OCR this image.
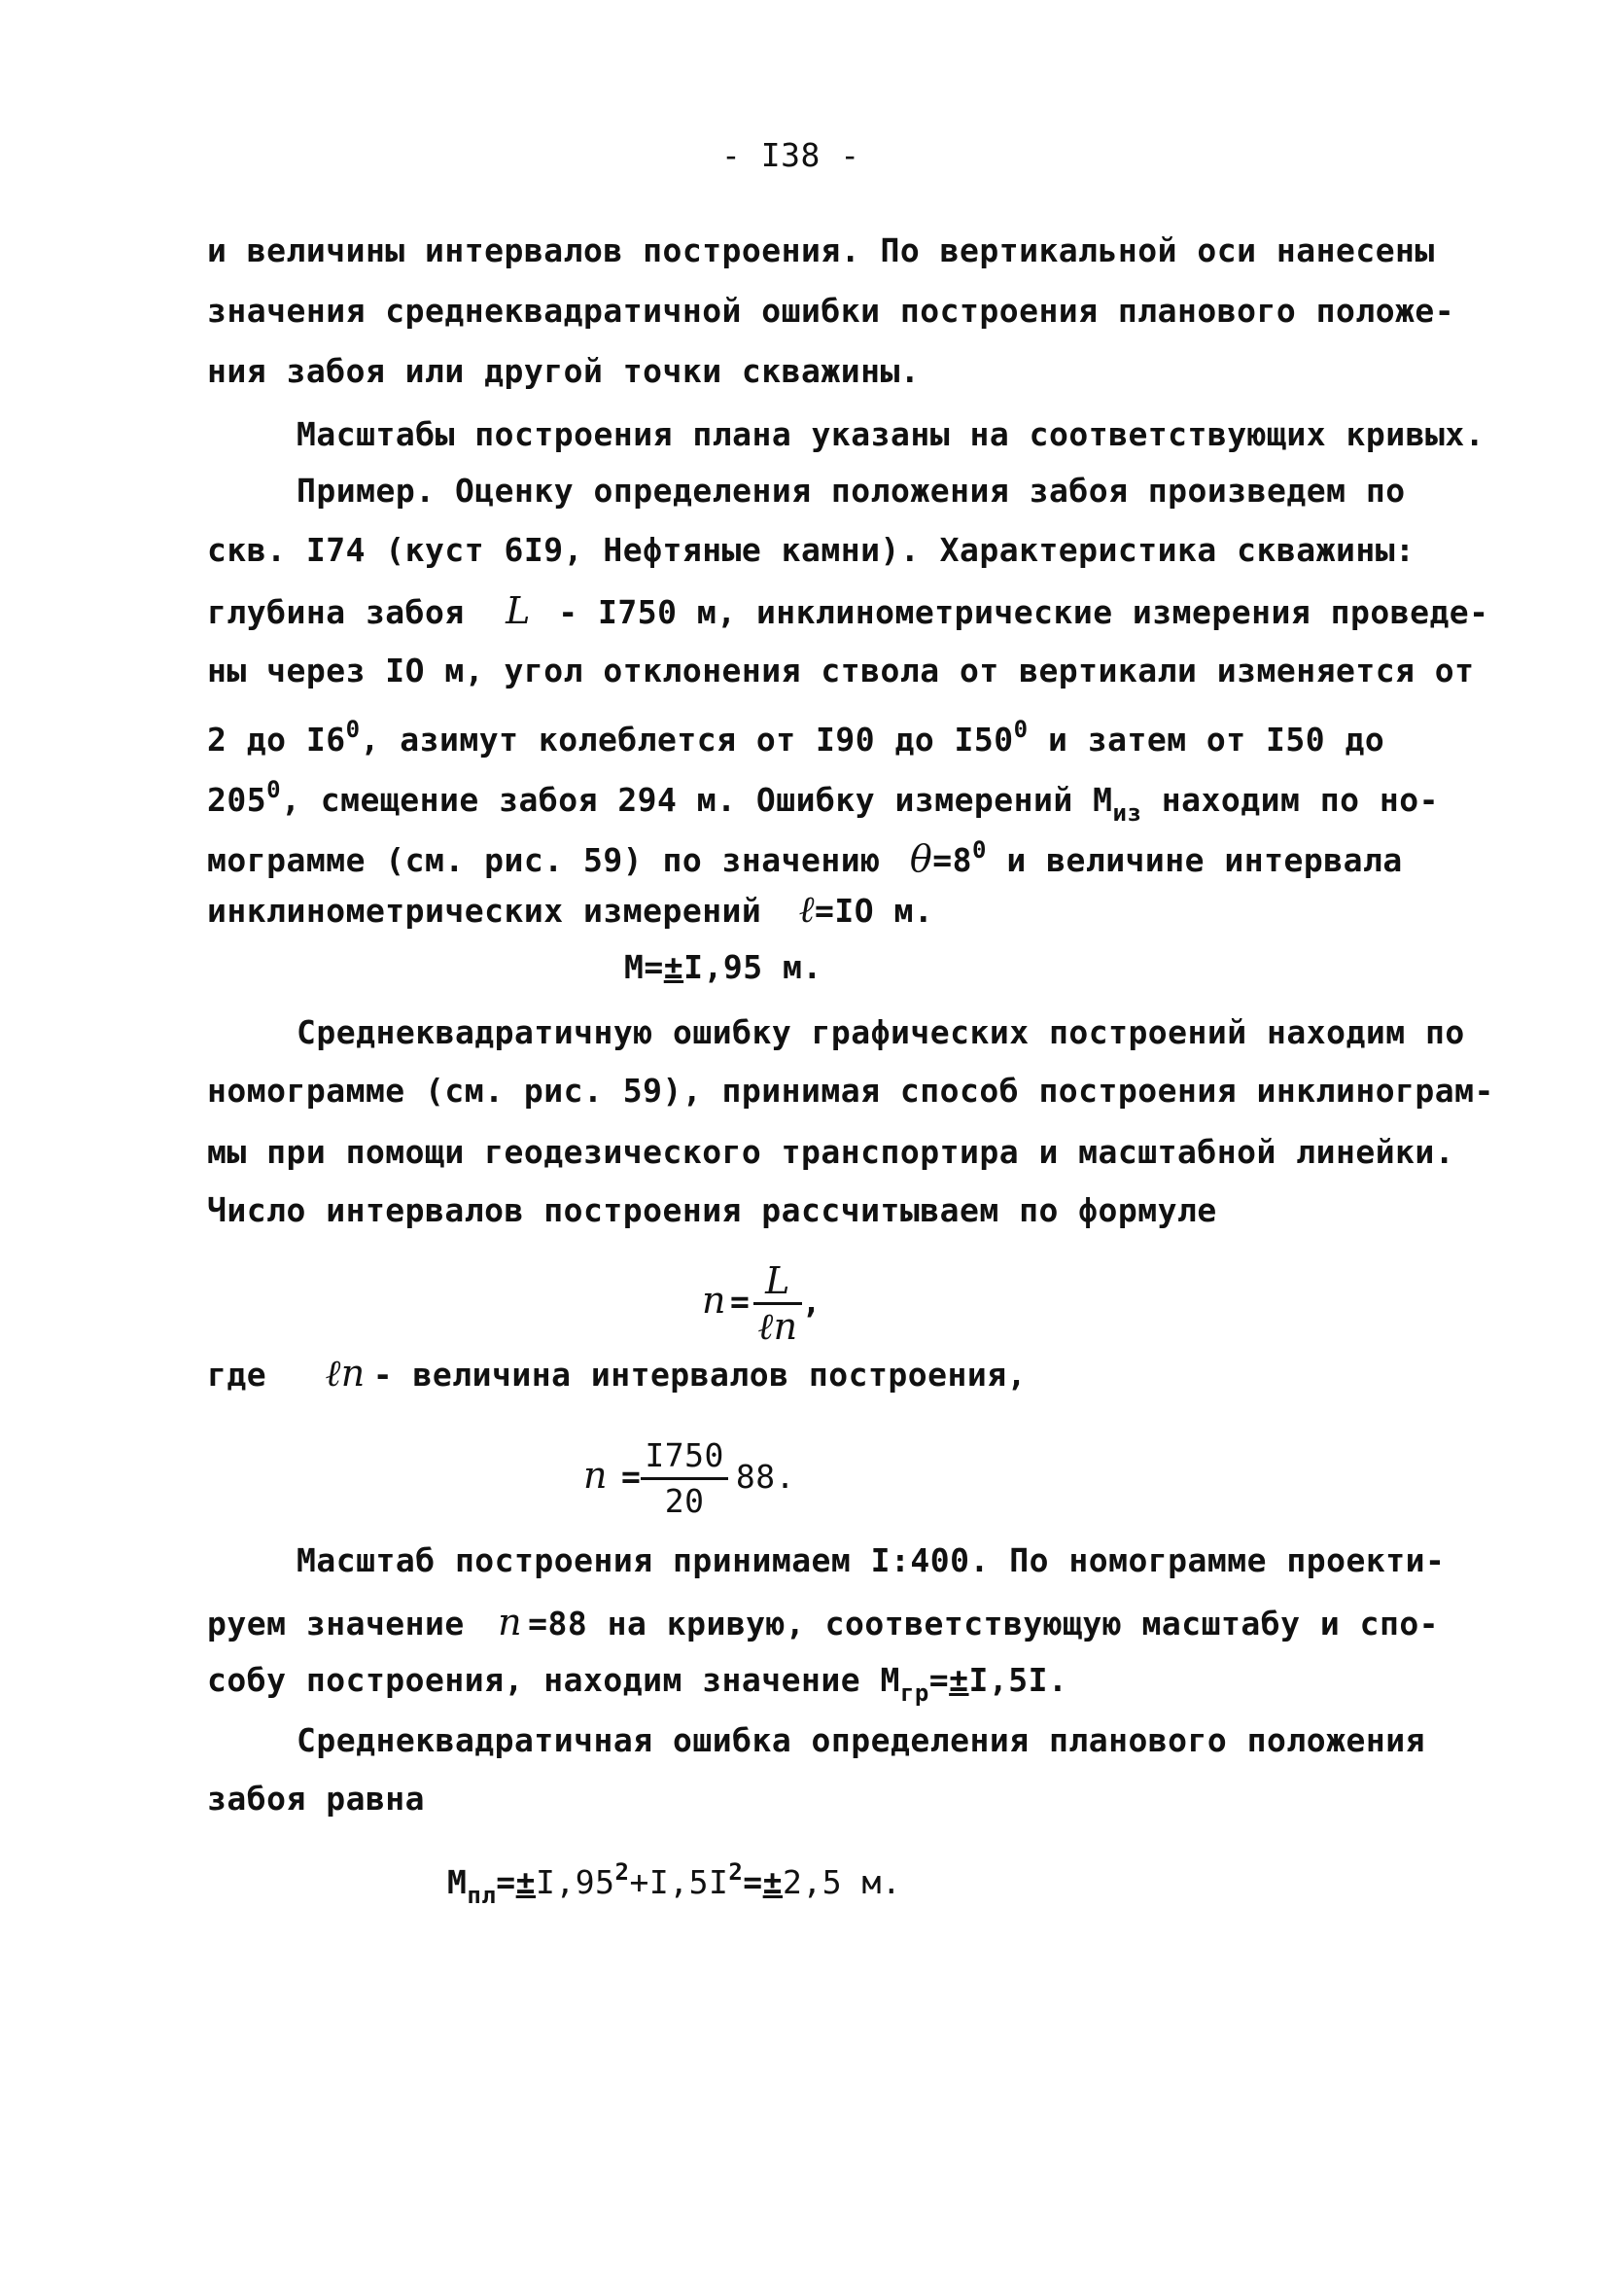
- I38 -
и величины интервалов построения. По вертикальной оси нанесены
значения среднеквадратичной ошибки построения планового положе-
ния забоя или другой точки скважины.
Масштабы построения плана указаны на соответствующих кривых.
Пример. Оценку определения положения забоя произведем по
скв. I74 (куст 6I9, Нефтяные камни). Характеристика скважины:
глубина забоя L - I750 м, инклинометрические измерения проведе-
ны через IO м, угол отклонения ствола от вертикали изменяется от
2 до $I6^0$, азимут колеблется от I90 до $I50^0$ и затем от I50 до
$205^0$, смещение забоя 294 м. Ошибку измерений $М_{из}$ находим по но-
мограмме (см. рис. 59) по значению $\theta=8^0$ и величине интервала
инклинометрических измерений ℓ=IO м.
М=±I,95 м.
Среднеквадратичную ошибку графических построений находим по
номограмме (см. рис. 59), принимая способ построения инклинограм-
мы при помощи геодезического транспортира и масштабной линейки.
Число интервалов построения рассчитываем по формуле
$n = \frac{L}{\text{ℓn}}$ ,
где ℓn - величина интервалов построения,
$n = \frac{I750}{20} 88$.
Масштаб построения принимаем I:400. По номограмме проекти-
руем значение n =88 на кривую, соответствующую масштабу и спо-
собу построения, находим значение $М_{гр}=\pm I,5I$.
Среднеквадратичная ошибка определения планового положения
забоя равна
$М_{пл}=\pm I,95^2+I,5I^2=\pm 2,5$ м.
